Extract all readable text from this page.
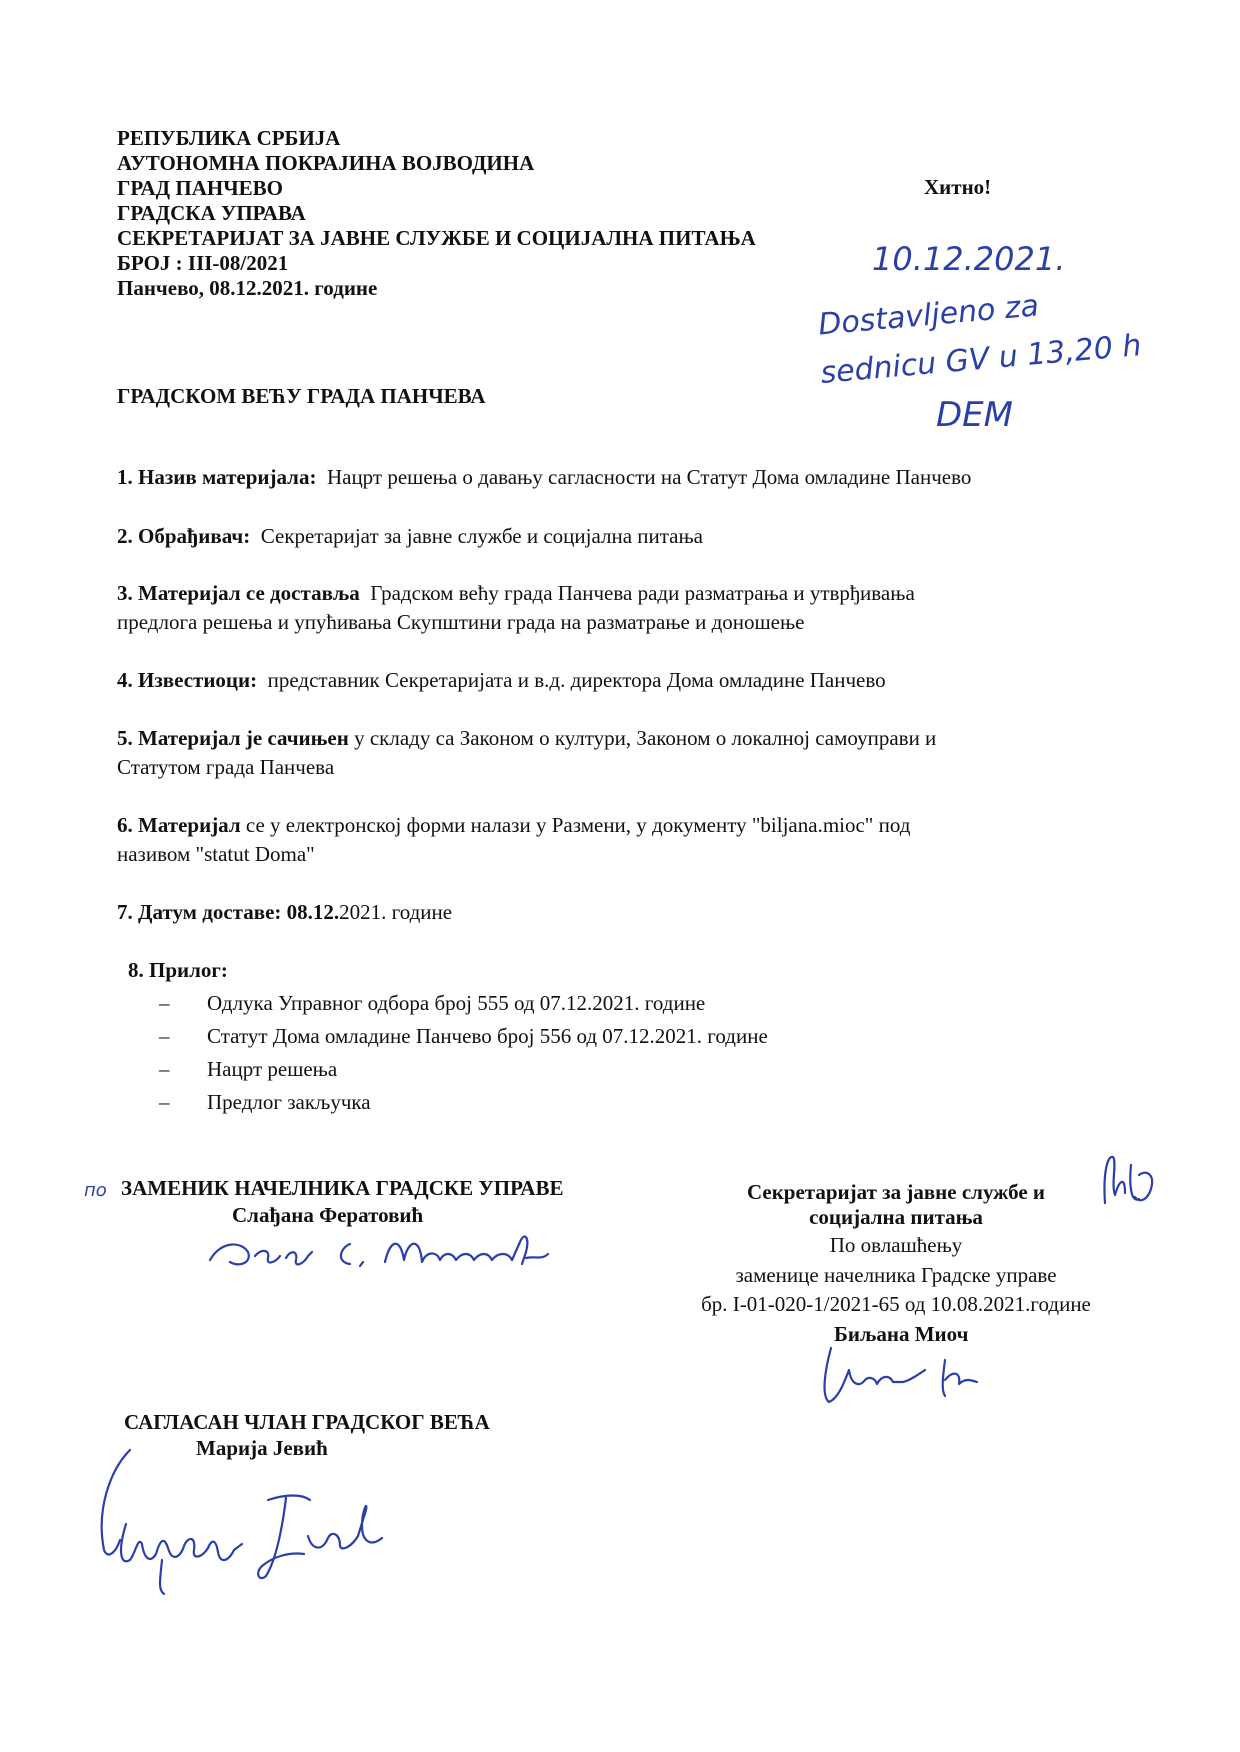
РЕПУБЛИКА СРБИЈА
АУТОНОМНА ПОКРАЈИНА ВОЈВОДИНА
ГРАД ПАНЧЕВО
ГРАДСКА УПРАВА
СЕКРЕТАРИЈАТ ЗА ЈАВНЕ СЛУЖБЕ И СОЦИЈАЛНА ПИТАЊА
БРОЈ : III-08/2021
Панчево, 08.12.2021. године
Хитно!
10.12.2021.
Dostavljeno za
sednicu GV u 13,20 h
DEM
ГРАДСКОМ ВЕЋУ ГРАДА ПАНЧЕВА
1. Назив материјала: Нацрт решења о давању сагласности на Статут Дома омладине Панчево
2. Обрађивач: Секретаријат за јавне службе и социјална питања
3. Материјал се доставља Градском већу града Панчева ради разматрања и утврђивања
предлога решења и упућивања Скупштини града на разматрање и доношење
4. Известиоци: представник Секретаријата и в.д. директора Дома омладине Панчево
5. Материјал је сачињен у складу са Законом о култури, Законом о локалној самоуправи и
Статутом града Панчева
6. Материјал се у електронској форми налази у Размени, у документу "biljana.mioc" под
називом "statut Doma"
7. Датум доставе: 08.12.2021. године
8. Прилог:
– Одлука Управног одбора број 555 од 07.12.2021. године
– Статут Дома омладине Панчево број 556 од 07.12.2021. године
– Нацрт решења
– Предлог закључка
по ЗАМЕНИК НАЧЕЛНИКА ГРАДСКЕ УПРАВЕ
Слађана Фератовић
Секретаријат за јавне службе и
социјална питања
По овлашћењу
заменице начелника Градске управе
бр. I-01-020-1/2021-65 од 10.08.2021.године
Биљана Миоч
САГЛАСАН ЧЛАН ГРАДСКОГ ВЕЋА
Марија Јевић
